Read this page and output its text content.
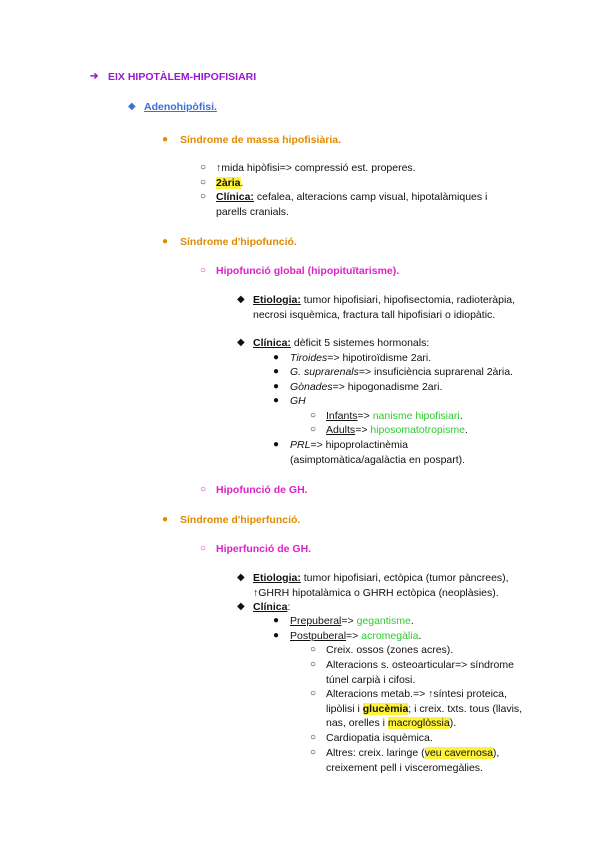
➔ EIX HIPOTÀLEM-HIPOFISIARI
◆ Adenohipòfisi.
● Síndrome de massa hipofisiària.
○ ↑mida hipòfisi=> compressió est. properes.
○ 2ària.
○ Clínica: cefalea, alteracions camp visual, hipotalàmiques i parells cranials.
● Síndrome d'hipofunció.
○ Hipofunció global (hipopituïtarisme).
◆ Etiologia: tumor hipofisiari, hipofisectomia, radioteràpia, necrosi isquèmica, fractura tall hipofisiari o idiopàtic.
◆ Clínica: dèficit 5 sistemes hormonals:
● Tiroides=> hipotiroïdisme 2ari.
● G. suprarenals=> insuficiència suprarenal 2ària.
● Gònades=> hipogonadisme 2ari.
● GH
○ Infants=> nanisme hipofisiari.
○ Adults=> hiposomatotropisme.
● PRL=> hipoprolactinèmia (asimptomàtica/agalàctia en pospart).
○ Hipofunció de GH.
● Síndrome d'hiperfunció.
○ Hiperfunció de GH.
◆ Etiologia: tumor hipofisiari, ectòpica (tumor pàncrees), ↑GHRH hipotalàmica o GHRH ectòpica (neoplàsies).
◆ Clínica:
● Prepuberal=> gegantisme.
● Postpuberal=> acromegàlia.
○ Creix. ossos (zones acres).
○ Alteracions s. osteoarticular=> síndrome túnel carpià i cifosi.
○ Alteracions metab.=> ↑síntesi proteica, lipòlisi i glucèmia; i creix. txts. tous (llavis, nas, orelles i macroglòssia).
○ Cardiopatia isquèmica.
○ Altres: creix. laringe (veu cavernosa), creixement pell i visceromegàlies.
